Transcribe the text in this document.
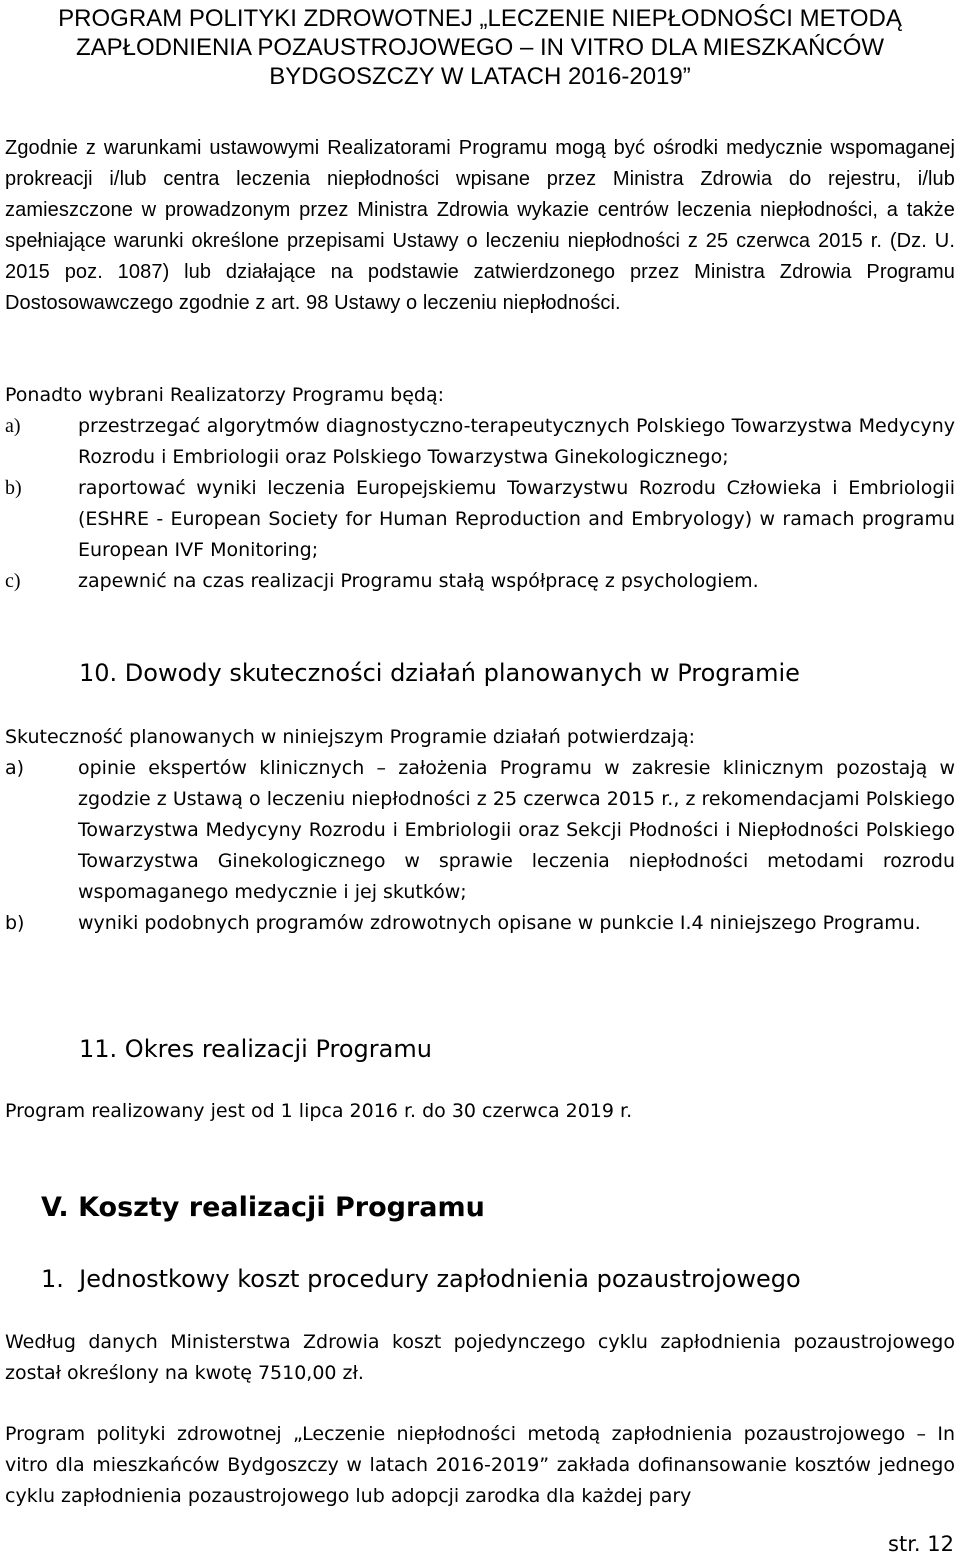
PROGRAM POLITYKI ZDROWOTNEJ „LECZENIE NIEPŁODNOŚCI METODĄ
ZAPŁODNIENIA POZAUSTROJOWEGO – IN VITRO DLA MIESZKAŃCÓW
BYDGOSZCZY W LATACH 2016-2019”
Zgodnie z warunkami ustawowymi Realizatorami Programu mogą być ośrodki medycznie wspomaganej prokreacji i/lub centra leczenia niepłodności wpisane przez Ministra Zdrowia do rejestru, i/lub zamieszczone w prowadzonym przez Ministra Zdrowia wykazie centrów leczenia niepłodności, a także spełniające warunki określone przepisami Ustawy o leczeniu niepłodności z 25 czerwca 2015 r. (Dz. U. 2015 poz. 1087) lub działające na podstawie zatwierdzonego przez Ministra Zdrowia Programu Dostosowawczego zgodnie z art. 98 Ustawy o leczeniu niepłodności.
Ponadto wybrani Realizatorzy Programu będą:
a)	przestrzegać algorytmów diagnostyczno-terapeutycznych Polskiego Towarzystwa Medycyny Rozrodu i Embriologii oraz Polskiego Towarzystwa Ginekologicznego;
b)	raportować wyniki leczenia Europejskiemu Towarzystwu Rozrodu Człowieka i Embriologii (ESHRE - European Society for Human Reproduction and Embryology) w ramach programu European IVF Monitoring;
c)	zapewnić na czas realizacji Programu stałą współpracę z psychologiem.
10. Dowody skuteczności działań planowanych w Programie
Skuteczność planowanych w niniejszym Programie działań potwierdzają:
a)	opinie ekspertów klinicznych – założenia Programu w zakresie klinicznym pozostają w zgodzie z Ustawą o leczeniu niepłodności z 25 czerwca 2015 r., z rekomendacjami Polskiego Towarzystwa Medycyny Rozrodu i Embriologii oraz Sekcji Płodności i Niepłodności Polskiego Towarzystwa Ginekologicznego w sprawie leczenia niepłodności metodami rozrodu wspomaganego medycznie i jej skutków;
b)	wyniki podobnych programów zdrowotnych opisane w punkcie I.4 niniejszego Programu.
11. Okres realizacji Programu
Program realizowany jest od 1 lipca 2016 r. do 30 czerwca 2019 r.
V. Koszty realizacji Programu
1.  Jednostkowy koszt procedury zapłodnienia pozaustrojowego
Według danych Ministerstwa Zdrowia koszt pojedynczego cyklu zapłodnienia pozaustrojowego został określony na kwotę 7510,00 zł.
Program polityki zdrowotnej „Leczenie niepłodności metodą zapłodnienia pozaustrojowego – In vitro dla mieszkańców Bydgoszczy w latach 2016-2019” zakłada dofinansowanie kosztów jednego cyklu zapłodnienia pozaustrojowego lub adopcji zarodka dla każdej pary
str. 12
